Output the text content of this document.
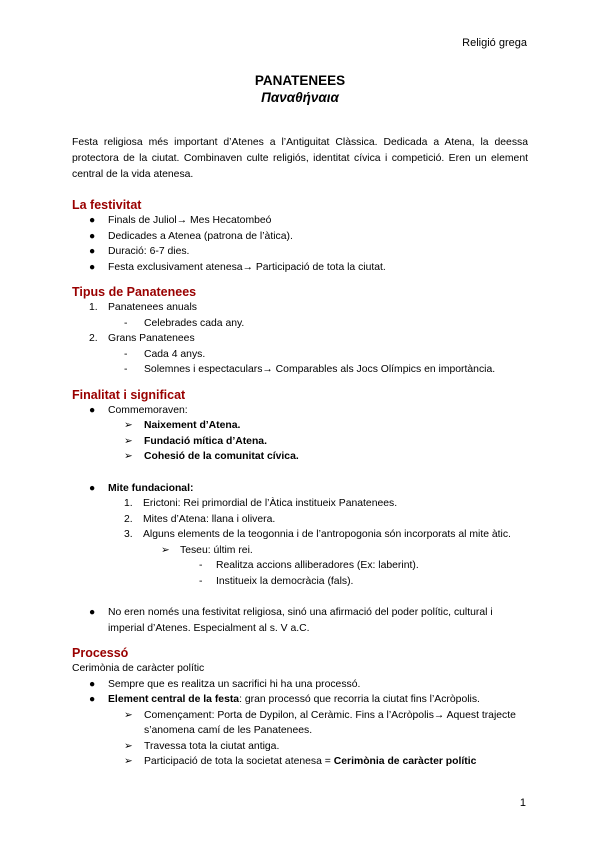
Religió grega
PANATENEES
Παναθήναια

Festa religiosa més important d’Atenes a l’Antiguitat Clàssica. Dedicada a Atena, la deessa protectora de la ciutat. Combinaven culte religiós, identitat cívica i competició. Eren un element central de la vida atenesa.

La festivitat
● Finals de Juliol→ Mes Hecatombeó
● Dedicades a Atenea (patrona de l’àtica).
● Duració: 6-7 dies.
● Festa exclusivament atenesa→ Participació de tota la ciutat.
Tipus de Panatenees
1. Panatenees anuals
- Celebrades cada any.
2. Grans Panatenees
- Cada 4 anys.
- Solemnes i espectaculars→ Comparables als Jocs Olímpics en importància.
Finalitat i significat
● Commemoraven:
➢ Naixement d’Atena.
➢ Fundació mítica d’Atena.
➢ Cohesió de la comunitat cívica.
● Mite fundacional:
1. Erictoni: Rei primordial de l’Àtica institueix Panatenees.
2. Mites d’Atena: llana i olivera.
3. Alguns elements de la teogonnia i de l’antropogonia són incorporats al mite àtic.
➢ Teseu: últim rei.
- Realitza accions alliberadores (Ex: laberint).
- Institueix la democràcia (fals).
● No eren només una festivitat religiosa, sinó una afirmació del poder polític, cultural i imperial d’Atenes. Especialment al s. V a.C.
Processó
Cerimònia de caràcter polític
● Sempre que es realitza un sacrifici hi ha una processó.
● Element central de la festa: gran processó que recorria la ciutat fins l’Acròpolis.
➢ Començament: Porta de Dypilon, al Ceràmic. Fins a l’Acròpolis→ Aquest trajecte s’anomena camí de les Panatenees.
➢ Travessa tota la ciutat antiga.
➢ Participació de tota la societat atenesa = Cerimònia de caràcter polític
1
